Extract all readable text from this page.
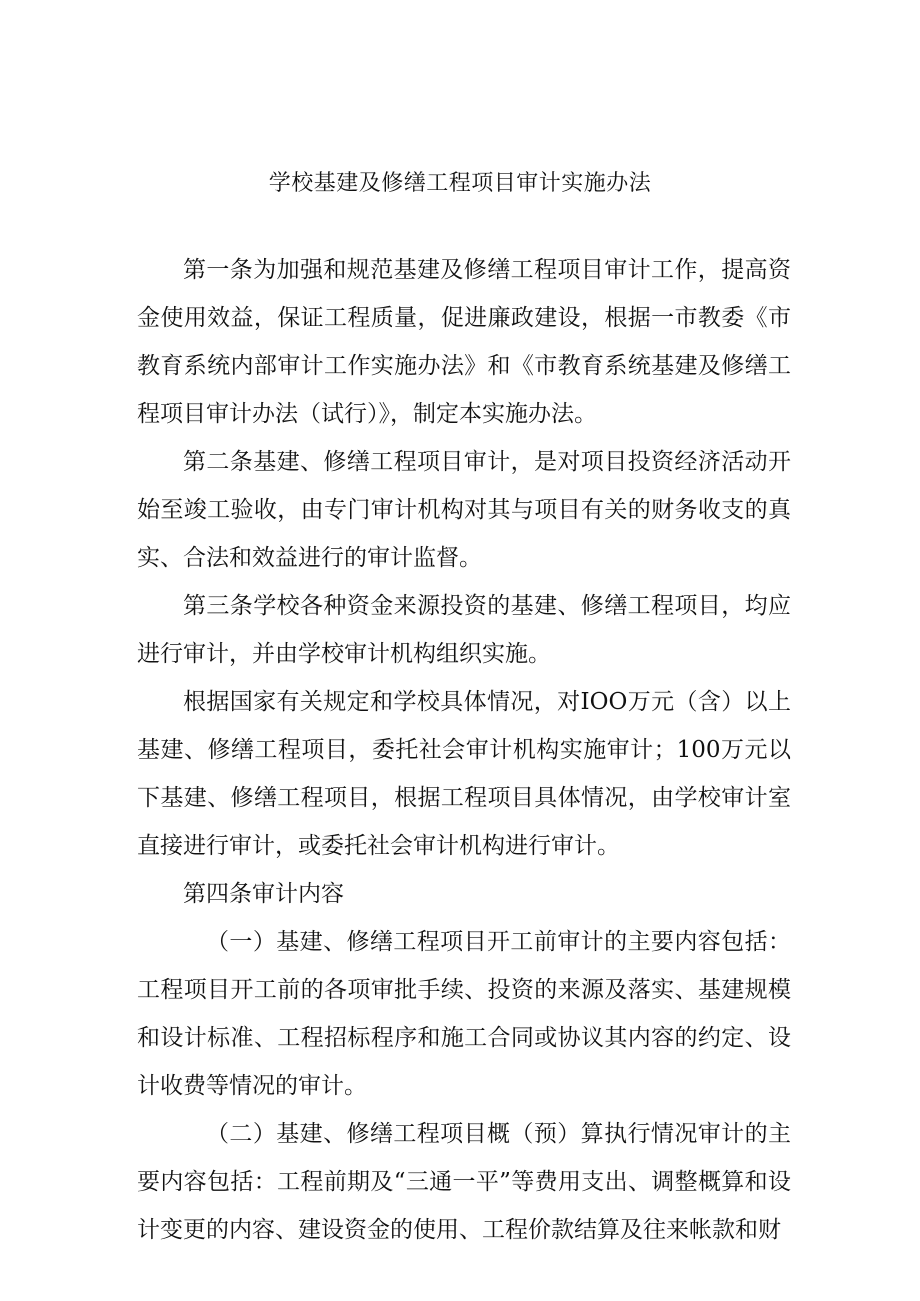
学校基建及修缮工程项目审计实施办法

第一条为加强和规范基建及修缮工程项目审计工作，提高资金使用效益，保证工程质量，促进廉政建设，根据一市教委《市教育系统内部审计工作实施办法》和《市教育系统基建及修缮工程项目审计办法（试行）》，制定本实施办法。

第二条基建、修缮工程项目审计，是对项目投资经济活动开始至竣工验收，由专门审计机构对其与项目有关的财务收支的真实、合法和效益进行的审计监督。

第三条学校各种资金来源投资的基建、修缮工程项目，均应进行审计，并由学校审计机构组织实施。

根据国家有关规定和学校具体情况，对IOO万元（含）以上基建、修缮工程项目，委托社会审计机构实施审计；100万元以下基建、修缮工程项目，根据工程项目具体情况，由学校审计室直接进行审计，或委托社会审计机构进行审计。

第四条审计内容

（一）基建、修缮工程项目开工前审计的主要内容包括：工程项目开工前的各项审批手续、投资的来源及落实、基建规模和设计标准、工程招标程序和施工合同或协议其内容的约定、设计收费等情况的审计。

（二）基建、修缮工程项目概（预）算执行情况审计的主要内容包括：工程前期及“三通一平”等费用支出、调整概算和设计变更的内容、建设资金的使用、工程价款结算及往来帐款和财
